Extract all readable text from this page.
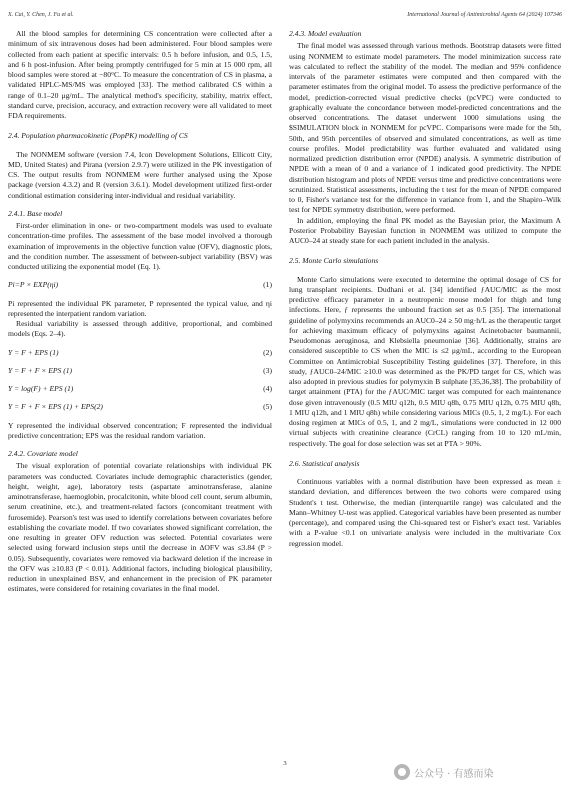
X. Cai, Y. Chen, J. Fu et al.	International Journal of Antimicrobial Agents 64 (2024) 107346

All the blood samples for determining CS concentration were collected after a minimum of six intravenous doses had been administered. Four blood samples were collected from each patient at specific intervals: 0.5 h before infusion, and 0.5, 1.5, and 6 h post-infusion. After being promptly centrifuged for 5 min at 15 000 rpm, all blood samples were stored at −80°C. To measure the concentration of CS in plasma, a validated HPLC-MS/MS was employed [33]. The method calibrated CS within a range of 0.1–20 μg/mL. The analytical method's specificity, stability, matrix effect, standard curve, precision, accuracy, and extraction recovery were all validated to meet FDA requirements.

2.4. Population pharmacokinetic (PopPK) modelling of CS

The NONMEM software (version 7.4, Icon Development Solutions, Ellicott City, MD, United States) and Pirana (version 2.9.7) were utilized in the PK investigation of CS. The output results from NONMEM were further analysed using the Xpose package (version 4.3.2) and R (version 3.6.1). Model development utilized first-order conditional estimation considering inter-individual and residual variability.

2.4.1. Base model

First-order elimination in one- or two-compartment models was used to evaluate concentration-time profiles. The assessment of the base model involved a thorough examination of improvements in the objective function value (OFV), diagnostic plots, and the condition number. The assessment of between-subject variability (BSV) was conducted utilizing the exponential model (Eq. 1).

Pi=P × EXP(ηi)	(1)

Pi represented the individual PK parameter, P represented the typical value, and ηi represented the interpatient random variation.

Residual variability is assessed through additive, proportional, and combined models (Eqs. 2–4).

Y = F + EPS (1)	(2)
Y = F + F × EPS (1)	(3)
Y = log(F) + EPS (1)	(4)
Y = F + F × EPS (1) + EPS(2)	(5)

Y represented the individual observed concentration; F represented the individual predictive concentration; EPS was the residual random variation.

2.4.2. Covariate model

The visual exploration of potential covariate relationships with individual PK parameters was conducted. Covariates include demographic characteristics (gender, height, weight, age), laboratory tests (aspartate aminotransferase, alanine aminotransferase, haemoglobin, procalcitonin, white blood cell count, serum albumin, serum creatinine, etc.), and treatment-related factors (concomitant treatment with furosemide). Pearson's test was used to identify correlations between covariates before establishing the covariate model. If two covariates showed significant correlation, the one resulting in greater OFV reduction was selected. Potential covariates were selected using forward inclusion steps until the decrease in ΔOFV was ≤3.84 (P > 0.05). Subsequently, covariates were removed via backward deletion if the increase in the OFV was ≥10.83 (P < 0.01). Additional factors, including biological plausibility, reduction in unexplained BSV, and enhancement in the precision of PK parameter estimates, were considered for retaining covariates in the final model.

2.4.3. Model evaluation

The final model was assessed through various methods. Bootstrap datasets were fitted using NONMEM to estimate model parameters. The model minimization success rate was calculated to reflect the stability of the model. The median and 95% confidence intervals of the parameter estimates were computed and then compared with the parameter estimates from the original model. To assess the predictive performance of the model, prediction-corrected visual predictive checks (pcVPC) were conducted to graphically evaluate the concordance between model-predicted concentrations and the observed concentrations. The dataset underwent 1000 simulations using the $SIMULATION block in NONMEM for pcVPC. Comparisons were made for the 5th, 50th, and 95th percentiles of observed and simulated concentrations, as well as time course profiles. Model predictability was further evaluated and validated using normalized prediction distribution error (NPDE) analysis. A symmetric distribution of NPDE with a mean of 0 and a variance of 1 indicated good predictivity. The NPDE distribution histogram and plots of NPDE versus time and predictive concentrations were scrutinized. Statistical assessments, including the t test for the mean of NPDE compared to 0, Fisher's variance test for the difference in variance from 1, and the Shapiro–Wilk test for NPDE symmetry distribution, were performed.

In addition, employing the final PK model as the Bayesian prior, the Maximum A Posterior Probability Bayesian function in NONMEM was utilized to compute the AUC0–24 at steady state for each patient included in the analysis.

2.5. Monte Carlo simulations

Monte Carlo simulations were executed to determine the optimal dosage of CS for lung transplant recipients. Dudhani et al. [34] identified ƒAUC/MIC as the most predictive efficacy parameter in a neutropenic mouse model for thigh and lung infections. Here, ƒ represents the unbound fraction set as 0.5 [35]. The international guideline of polymyxins recommends an AUC0–24 ≥ 50 mg·h/L as the therapeutic target for achieving maximum efficacy of polymyxins against Acinetobacter baumannii, Pseudomonas aeruginosa, and Klebsiella pneumoniae [36]. Additionally, strains are considered susceptible to CS when the MIC is ≤2 μg/mL, according to the European Committee on Antimicrobial Susceptibility Testing guidelines [37]. Therefore, in this study, ƒAUC0–24/MIC ≥10.0 was determined as the PK/PD target for CS, which was also adopted in previous studies for polymyxin B sulphate [35,36,38]. The probability of target attainment (PTA) for the ƒAUC/MIC target was computed for each maintenance dose given intravenously (0.5 MIU q12h, 0.5 MIU q8h, 0.75 MIU q12h, 0.75 MIU q8h, 1 MIU q12h, and 1 MIU q8h) while considering various MICs (0.5, 1, 2 mg/L). For each dosing regimen at MICs of 0.5, 1, and 2 mg/L, simulations were conducted in 12 000 virtual subjects with creatinine clearance (CrCL) ranging from 10 to 120 mL/min, respectively. The goal for dose selection was set at PTA > 90%.

2.6. Statistical analysis

Continuous variables with a normal distribution have been expressed as mean ± standard deviation, and differences between the two cohorts were compared using Student's t test. Otherwise, the median (interquartile range) was calculated and the Mann–Whitney U-test was applied. Categorical variables have been presented as number (percentage), and compared using the Chi-squared test or Fisher's exact test. Variables with a P-value <0.1 on univariate analysis were included in the multivariate Cox regression model.

3
公众号 · 有感而染
